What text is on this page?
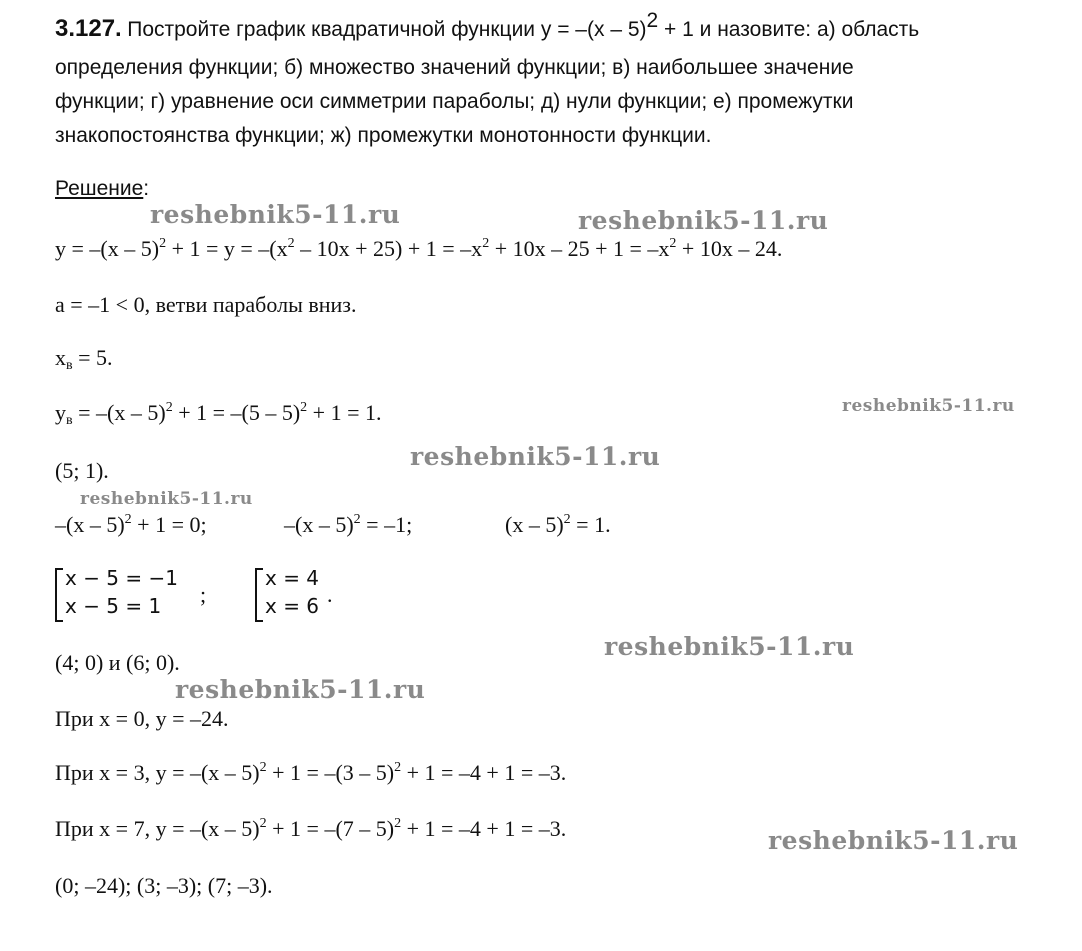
3.127. Постройте график квадратичной функции y = –(x – 5)$^2$ + 1 и назовите: а) область
определения функции; б) множество значений функции; в) наибольшее значение
функции; г) уравнение оси симметрии параболы; д) нули функции; е) промежутки
знакопостоянства функции; ж) промежутки монотонности функции.
Решение:
$y = -(x - 5)^2 + 1 = y = -(x^2 - 10x + 25) + 1 = -x^2 + 10x - 25 + 1 = -x^2 + 10x - 24$.
a = –1 < 0, ветви параболы вниз.
$x_в = 5$.
$y_в = -(x - 5)^2 + 1 = -(5 - 5)^2 + 1 = 1$.
(5; 1).
–(x – 5)$^2$ + 1 = 0;	–(x – 5)$^2$ = –1;	(x – 5)$^2$ = 1.
x − 5 = −1
x − 5 = 1 ;
x = 4
x = 6 .
(4; 0) и (6; 0).
При x = 0, y = –24.
При x = 3, y = –(x – 5)$^2$ + 1 = –(3 – 5)$^2$ + 1 = –4 + 1 = –3.
При x = 7, y = –(x – 5)$^2$ + 1 = –(7 – 5)$^2$ + 1 = –4 + 1 = –3.
(0; –24); (3; –3); (7; –3).
reshebnik5-11.ru	reshebnik5-11.ru
reshebnik5-11.ru
reshebnik5-11.ru
reshebnik5-11.ru
reshebnik5-11.ru
reshebnik5-11.ru
reshebnik5-11.ru
